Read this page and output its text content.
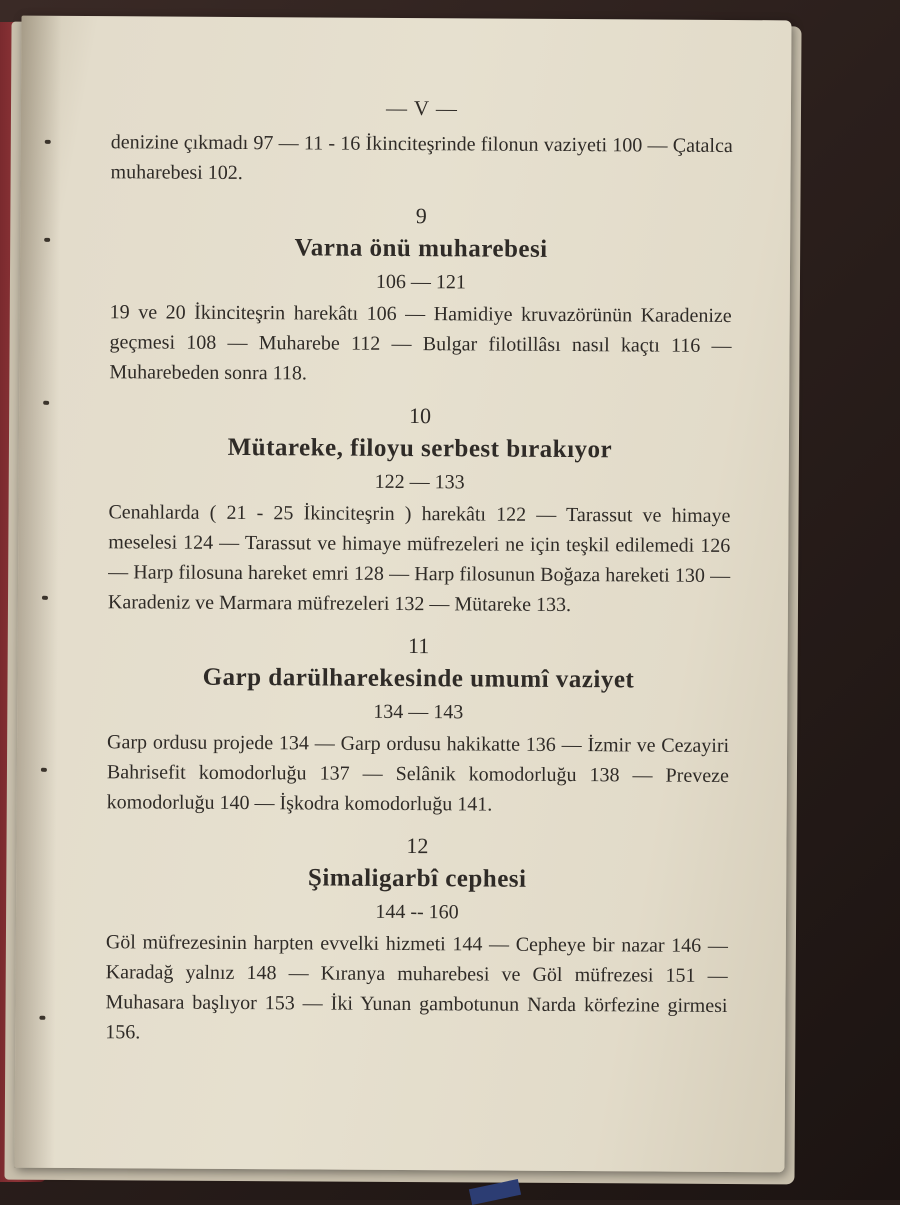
— V —

denizine çıkmadı 97 — 11 - 16 İkinciteşrinde filonun vaziyeti 100 — Çatalca muharebesi 102.

9

Varna önü muharebesi

106 — 121

19 ve 20 İkinciteşrin harekâtı 106 — Hamidiye kruvazörünün Karadenize geçmesi 108 — Muharebe 112 — Bulgar filotillâsı nasıl kaçtı 116 — Muharebeden sonra 118.

10

Mütareke, filoyu serbest bırakıyor

122 — 133

Cenahlarda ( 21 - 25 İkinciteşrin ) harekâtı 122 — Tarassut ve himaye meselesi 124 — Tarassut ve himaye müfrezeleri ne için teşkil edilemedi 126 — Harp filosuna hareket emri 128 — Harp filosunun Boğaza hareketi 130 — Karadeniz ve Marmara müfrezeleri 132 — Mütareke 133.

11

Garp darülharekesinde umumî vaziyet

134 — 143

Garp ordusu projede 134 — Garp ordusu hakikatte 136 — İzmir ve Cezayiri Bahrisefit komodorluğu 137 — Selânik komodorluğu 138 — Preveze komodorluğu 140 — İşkodra komodorluğu 141.

12

Şimaligarbî cephesi

144 -- 160

Göl müfrezesinin harpten evvelki hizmeti 144 — Cepheye bir nazar 146 — Karadağ yalnız 148 — Kıranya muharebesi ve Göl müfrezesi 151 — Muhasara başlıyor 153 — İki Yunan gambotunun Narda körfezine girmesi 156.
